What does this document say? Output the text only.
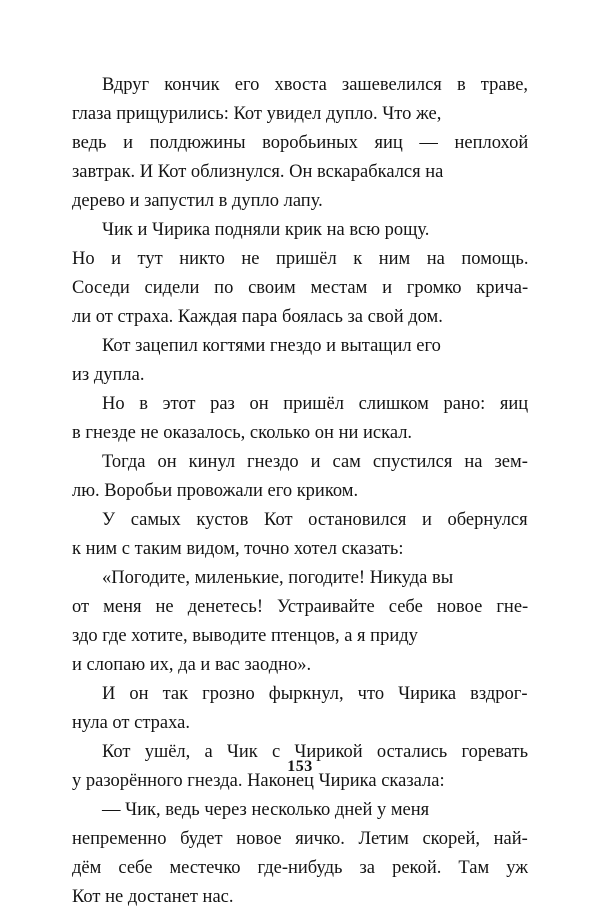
Вдруг кончик его хвоста зашевелился в траве,
глаза прищурились: Кот увидел дупло. Что же,
ведь и полдюжины воробьиных яиц — неплохой
завтрак. И Кот облизнулся. Он вскарабкался на
дерево и запустил в дупло лапу.

Чик и Чирика подняли крик на всю рощу.
Но и тут никто не пришёл к ним на помощь.
Соседи сидели по своим местам и громко крича-
ли от страха. Каждая пара боялась за свой дом.

Кот зацепил когтями гнездо и вытащил его
из дупла.

Но в этот раз он пришёл слишком рано: яиц
в гнезде не оказалось, сколько он ни искал.

Тогда он кинул гнездо и сам спустился на зем-
лю. Воробьи провожали его криком.

У самых кустов Кот остановился и обернулся
к ним с таким видом, точно хотел сказать:

«Погодите, миленькие, погодите! Никуда вы
от меня не денетесь! Устраивайте себе новое гне-
здо где хотите, выводите птенцов, а я приду
и слопаю их, да и вас заодно».

И он так грозно фыркнул, что Чирика вздрог-
нула от страха.

Кот ушёл, а Чик с Чирикой остались горевать
у разорённого гнезда. Наконец Чирика сказала:

— Чик, ведь через несколько дней у меня
непременно будет новое яичко. Летим скорей, най-
дём себе местечко где-нибудь за рекой. Там уж
Кот не достанет нас.

153
